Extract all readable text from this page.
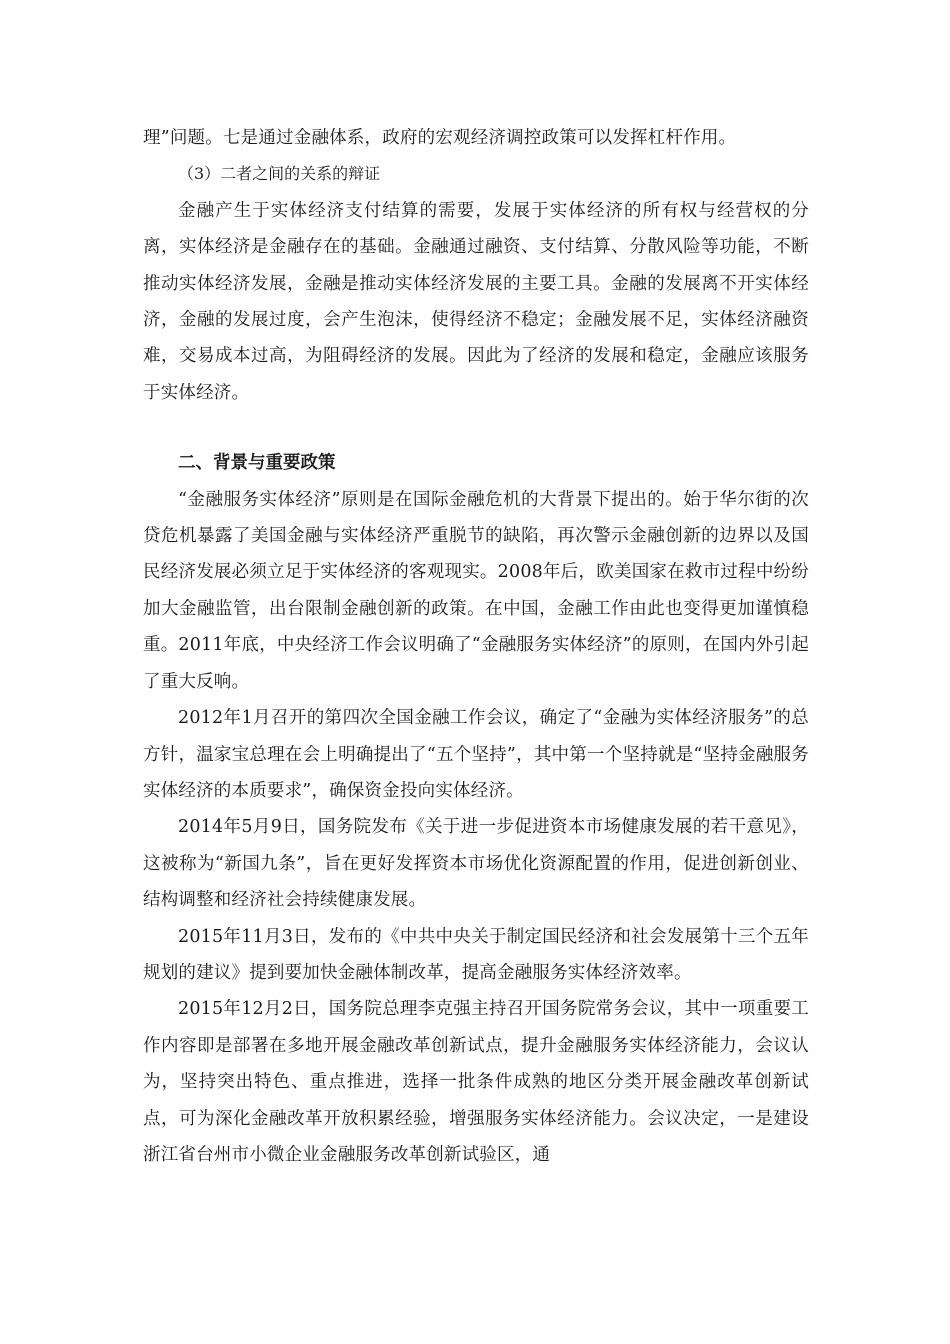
理”问题。七是通过金融体系，政府的宏观经济调控政策可以发挥杠杆作用。

（3）二者之间的关系的辩证

金融产生于实体经济支付结算的需要，发展于实体经济的所有权与经营权的分离，实体经济是金融存在的基础。金融通过融资、支付结算、分散风险等功能，不断推动实体经济发展，金融是推动实体经济发展的主要工具。金融的发展离不开实体经济，金融的发展过度，会产生泡沫，使得经济不稳定；金融发展不足，实体经济融资难，交易成本过高，为阻碍经济的发展。因此为了经济的发展和稳定，金融应该服务于实体经济。

二、背景与重要政策

“金融服务实体经济”原则是在国际金融危机的大背景下提出的。始于华尔街的次贷危机暴露了美国金融与实体经济严重脱节的缺陷，再次警示金融创新的边界以及国民经济发展必须立足于实体经济的客观现实。2008年后，欧美国家在救市过程中纷纷加大金融监管，出台限制金融创新的政策。在中国，金融工作由此也变得更加谨慎稳重。2011年底，中央经济工作会议明确了“金融服务实体经济”的原则，在国内外引起了重大反响。

2012年1月召开的第四次全国金融工作会议，确定了“金融为实体经济服务”的总方针，温家宝总理在会上明确提出了“五个坚持”，其中第一个坚持就是“坚持金融服务实体经济的本质要求”，确保资金投向实体经济。

2014年5月9日，国务院发布《关于进一步促进资本市场健康发展的若干意见》，这被称为“新国九条”，旨在更好发挥资本市场优化资源配置的作用，促进创新创业、结构调整和经济社会持续健康发展。

2015年11月3日，发布的《中共中央关于制定国民经济和社会发展第十三个五年规划的建议》提到要加快金融体制改革，提高金融服务实体经济效率。

2015年12月2日，国务院总理李克强主持召开国务院常务会议，其中一项重要工作内容即是部署在多地开展金融改革创新试点，提升金融服务实体经济能力，会议认为，坚持突出特色、重点推进，选择一批条件成熟的地区分类开展金融改革创新试点，可为深化金融改革开放积累经验，增强服务实体经济能力。会议决定，一是建设浙江省台州市小微企业金融服务改革创新试验区，通
